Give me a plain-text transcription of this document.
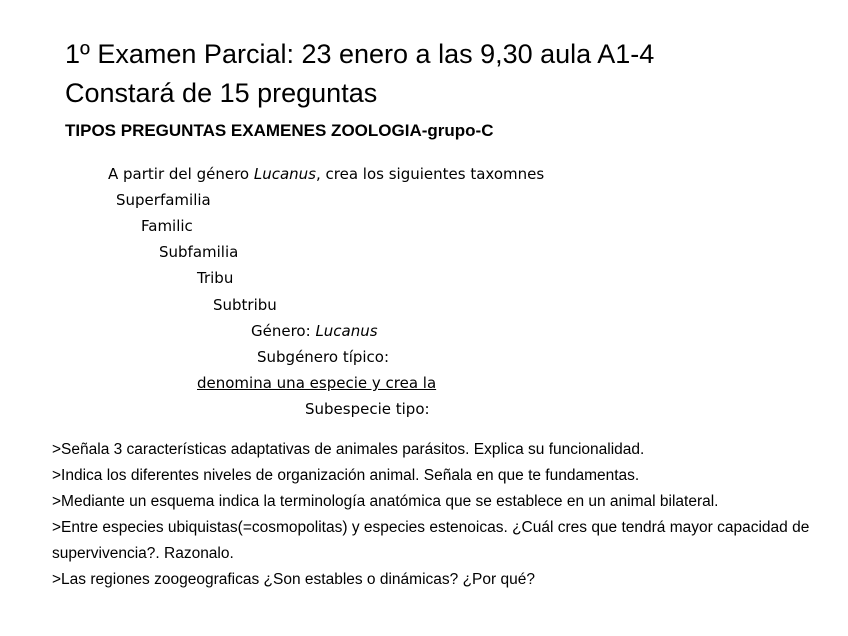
1º Examen Parcial: 23 enero a las 9,30 aula A1-4
Constará de 15 preguntas
TIPOS PREGUNTAS EXAMENES ZOOLOGIA-grupo-C
A partir del género Lucanus, crea los siguientes taxomnes
Superfamilia
Familic
Subfamilia
Tribu
Subtribu
Género: Lucanus
Subgénero típico:
denomina una especie y crea la
Subespecie tipo:

>Señala 3 características adaptativas de animales parásitos. Explica su funcionalidad.

>Indica los diferentes niveles de organización animal. Señala en que te fundamentas.

>Mediante un esquema indica la terminología anatómica que se establece en un animal bilateral.

>Entre especies ubiquistas(=cosmopolitas) y especies estenoicas. ¿Cuál cres que tendrá mayor capacidad de supervivencia?. Razonalo.

>Las regiones zoogeograficas ¿Son estables o dinámicas? ¿Por qué?
